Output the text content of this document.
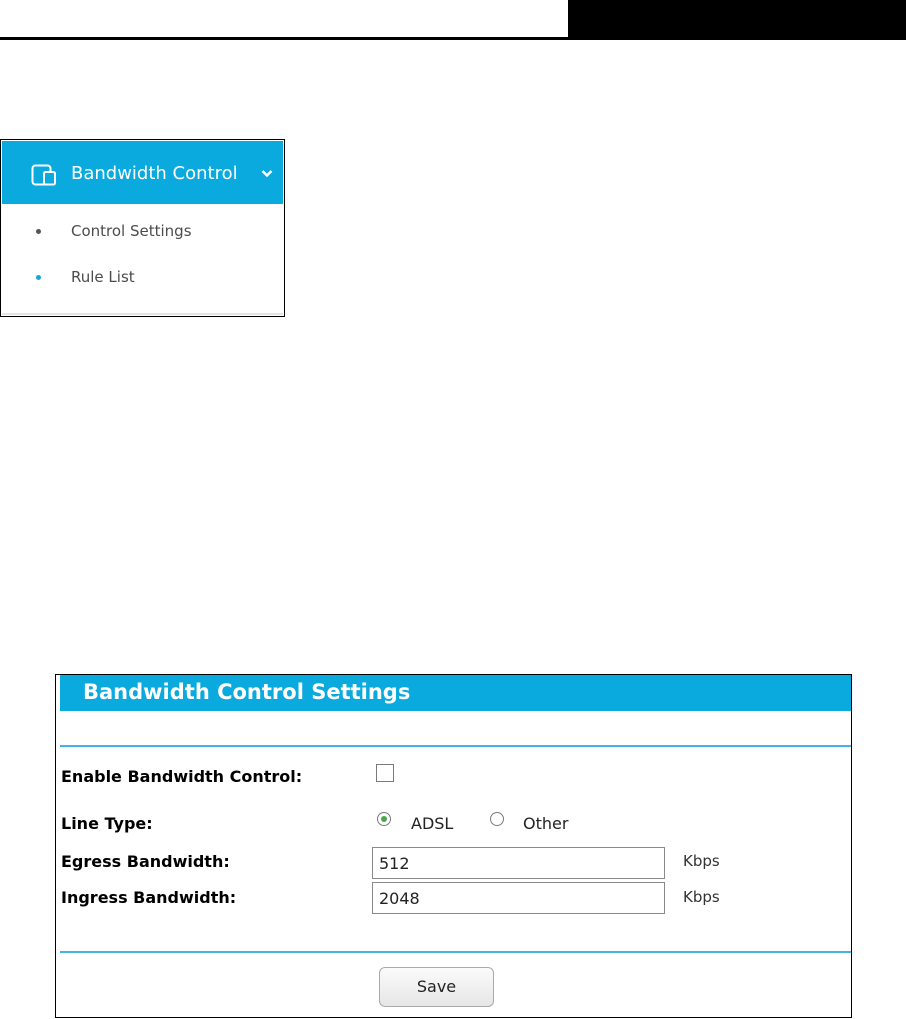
Bandwidth Control
Control Settings
Rule List
Bandwidth Control Settings
Enable Bandwidth Control:
Line Type:	ADSL	Other
Egress Bandwidth:	512	Kbps
Ingress Bandwidth:	2048	Kbps
Save
